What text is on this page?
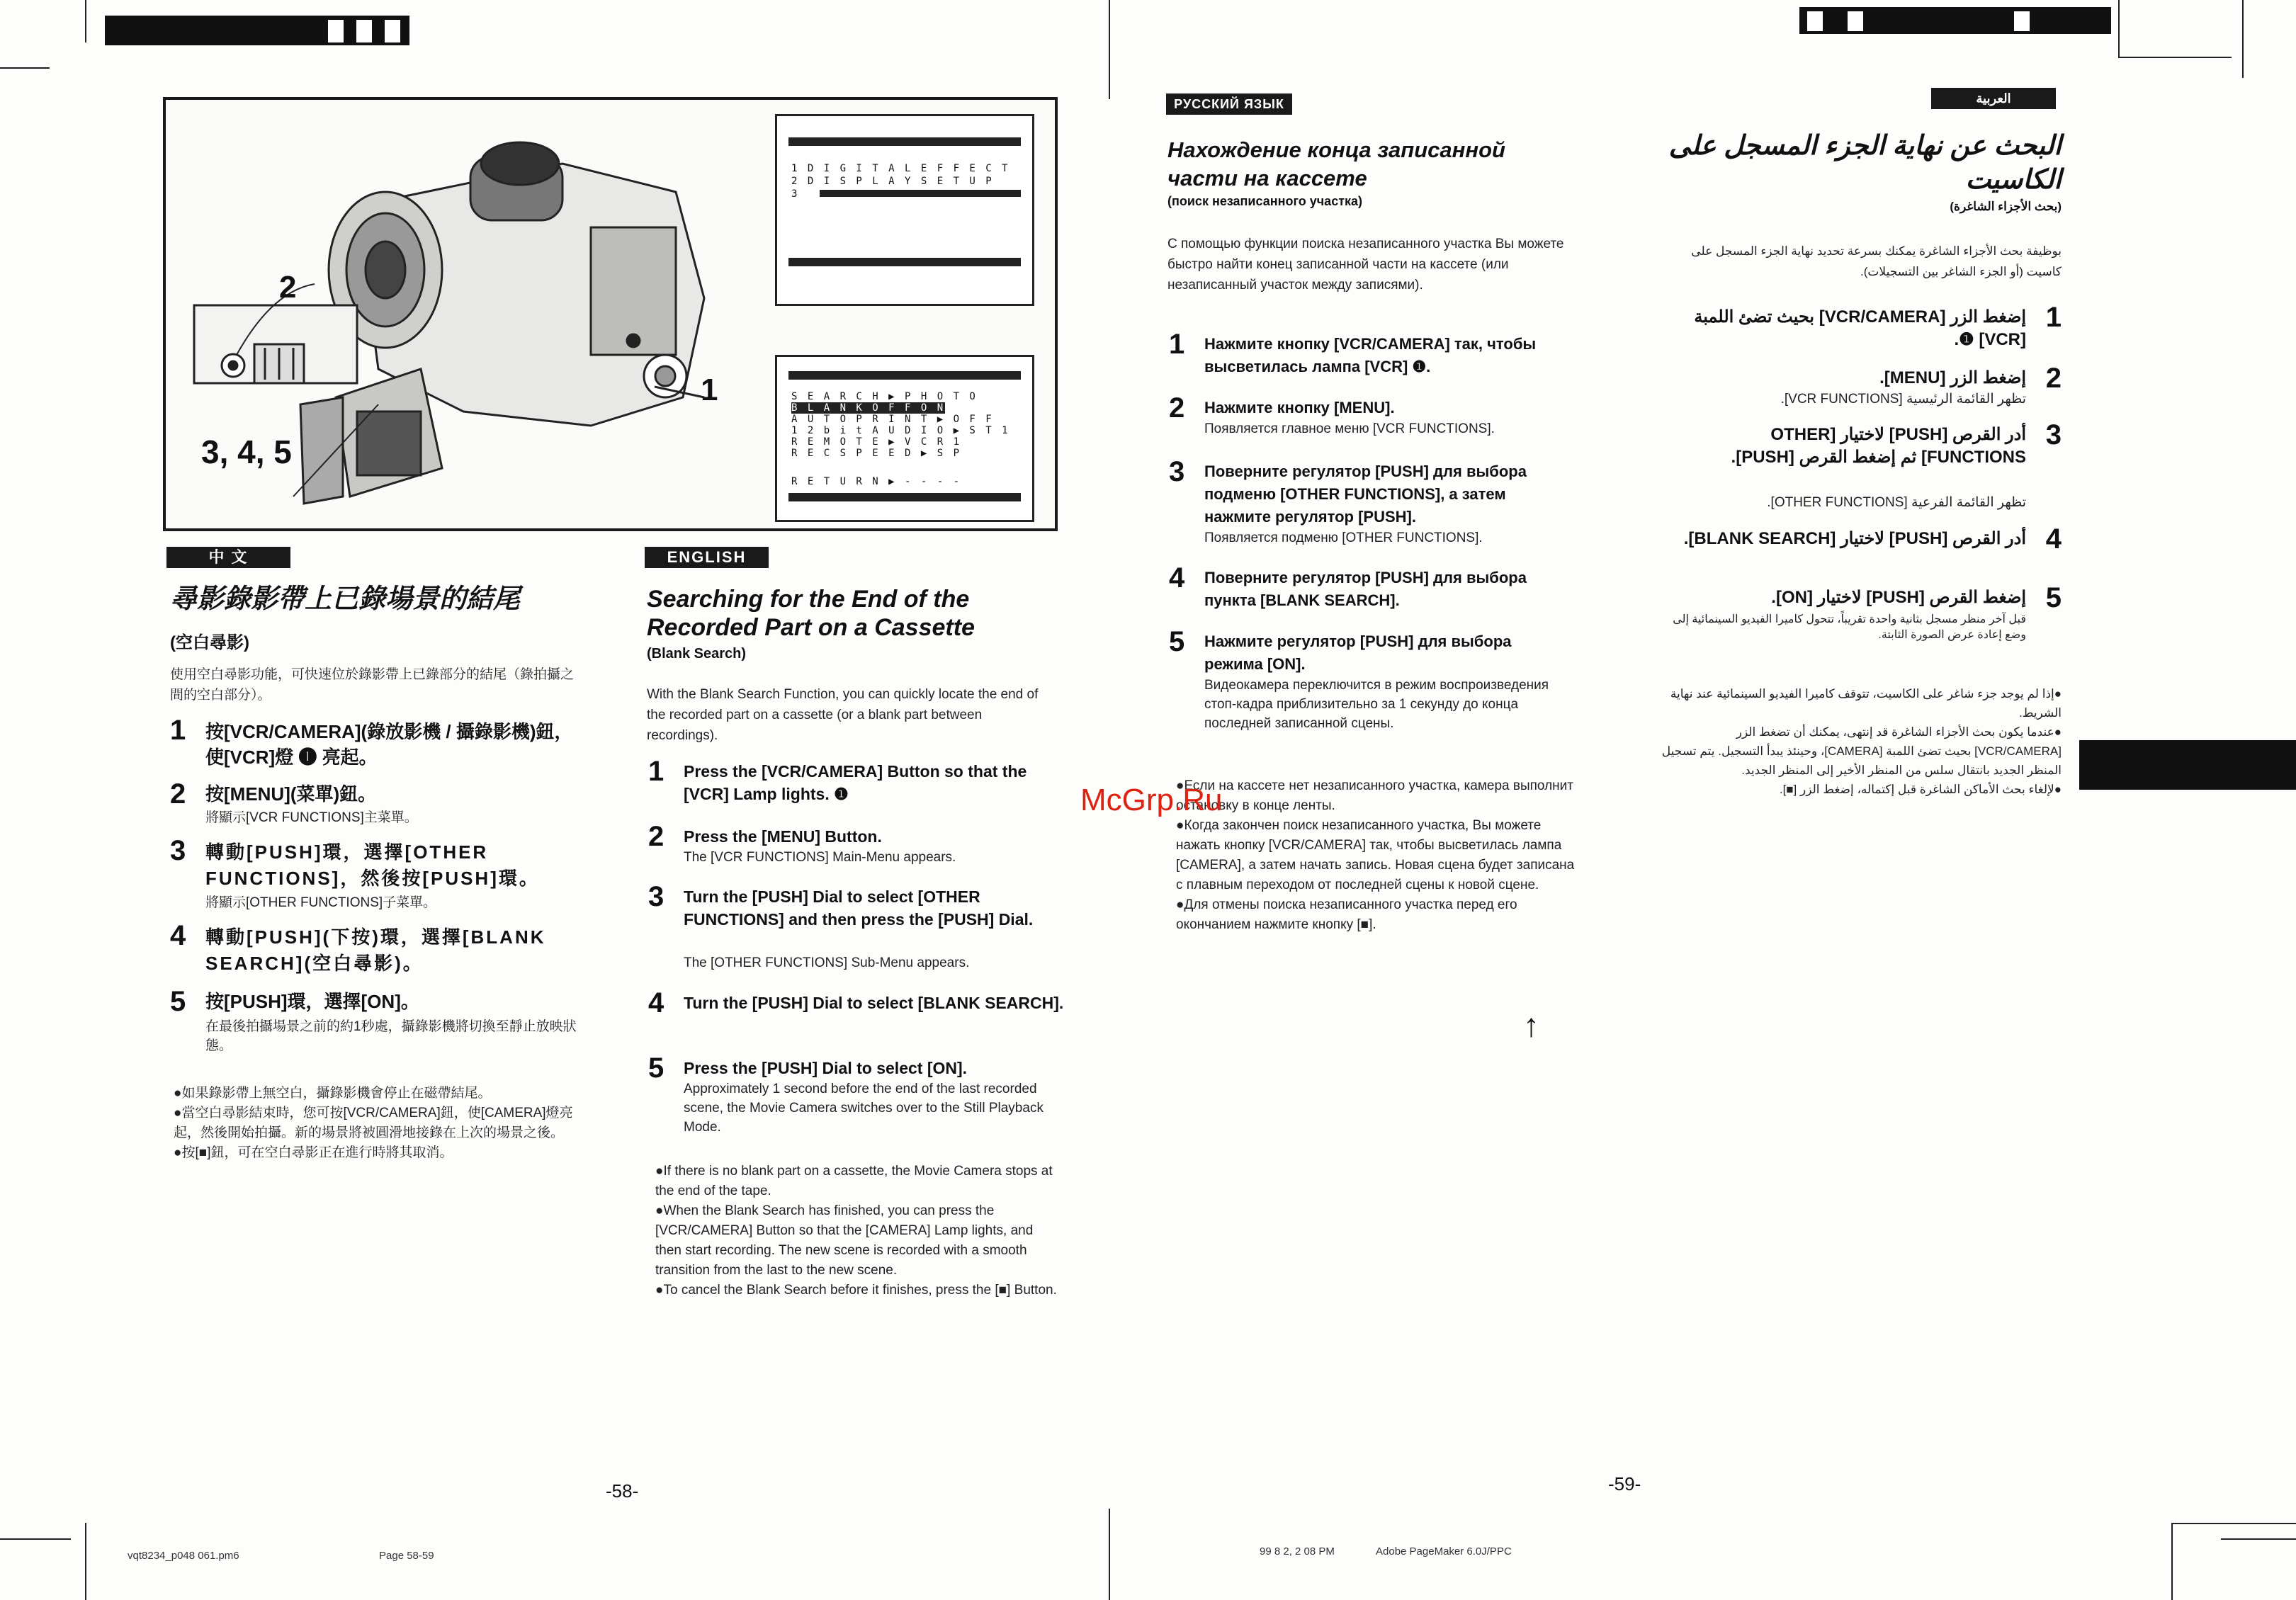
2
3, 4, 5
1
1 D I G I T A L E F F E C T
2 D I S P L A Y S E T U P
3
S E A R C H ▶ P H O T O
B L A N K O F F O N
A U T O P R I N T ▶ O F F
1 2 b i t A U D I O ▶ S T 1
R E M O T E ▶ V C R 1
R E C S P E E D ▶ S P
R E T U R N ▶ - - - -
中 文
尋影錄影帶上已錄場景的結尾
(空白尋影)
使用空白尋影功能，可快速位於錄影帶上已錄部分的結尾（錄拍攝之間的空白部分）。
1 按[VCR/CAMERA](錄放影機 / 攝錄影機)鈕，使[VCR]燈 ❶ 亮起。
2 按[MENU](菜單)鈕。
將顯示[VCR FUNCTIONS]主菜單。
3 轉動[PUSH]環，選擇[OTHER FUNCTIONS]，然後按[PUSH]環。
將顯示[OTHER FUNCTIONS]子菜單。
4 轉動[PUSH](下按)環，選擇[BLANK SEARCH](空白尋影)。
5 按[PUSH]環，選擇[ON]。
在最後拍攝場景之前的約1秒處，攝錄影機將切換至靜止放映狀態。
●如果錄影帶上無空白，攝錄影機會停止在磁帶結尾。
●當空白尋影結束時，您可按[VCR/CAMERA]鈕，使[CAMERA]燈亮起，然後開始拍攝。新的場景將被圓滑地接錄在上次的場景之後。
●按[■]鈕，可在空白尋影正在進行時將其取消。
ENGLISH
Searching for the End of the Recorded Part on a Cassette
(Blank Search)
With the Blank Search Function, you can quickly locate the end of the recorded part on a cassette (or a blank part between recordings).
1 Press the [VCR/CAMERA] Button so that the [VCR] Lamp lights. ❶
2 Press the [MENU] Button.
The [VCR FUNCTIONS] Main-Menu appears.
3 Turn the [PUSH] Dial to select [OTHER FUNCTIONS] and then press the [PUSH] Dial.
The [OTHER FUNCTIONS] Sub-Menu appears.
4 Turn the [PUSH] Dial to select [BLANK SEARCH].
5 Press the [PUSH] Dial to select [ON].
Approximately 1 second before the end of the last recorded scene, the Movie Camera switches over to the Still Playback Mode.
●If there is no blank part on a cassette, the Movie Camera stops at the end of the tape.
●When the Blank Search has finished, you can press the [VCR/CAMERA] Button so that the [CAMERA] Lamp lights, and then start recording. The new scene is recorded with a smooth transition from the last to the new scene.
●To cancel the Blank Search before it finishes, press the [■] Button.
РУССКИЙ ЯЗЫК
Нахождение конца записанной части на кассете
(поиск незаписанного участка)
С помощью функции поиска незаписанного участка Вы можете быстро найти конец записанной части на кассете (или незаписанный участок между записями).
1 Нажмите кнопку [VCR/CAMERA] так, чтобы высветилась лампа [VCR] ❶.
2 Нажмите кнопку [MENU].
Появляется главное меню [VCR FUNCTIONS].
3 Поверните регулятор [PUSH] для выбора подменю [OTHER FUNCTIONS], а затем нажмите регулятор [PUSH].
Появляется подменю [OTHER FUNCTIONS].
4 Поверните регулятор [PUSH] для выбора пункта [BLANK SEARCH].
5 Нажмите регулятор [PUSH] для выбора режима [ON].
Видеокамера переключится в режим воспроизведения стоп-кадра приблизительно за 1 секунду до конца последней записанной сцены.
●Если на кассете нет незаписанного участка, камера выполнит остановку в конце ленты.
●Когда закончен поиск незаписанного участка, Вы можете нажать кнопку [VCR/CAMERA] так, чтобы высветилась лампа [CAMERA], а затем начать запись. Новая сцена будет записана с плавным переходом от последней сцены к новой сцене.
●Для отмены поиска незаписанного участка перед его окончанием нажмите кнопку [■].
العربية
البحث عن نهاية الجزء المسجل على الكاسيت
(بحث الأجزاء الشاغرة)
بوظيفة بحث الأجزاء الشاغرة يمكنك بسرعة تحديد نهاية الجزء المسجل على كاسيت (أو الجزء الشاغر بين التسجيلات).
1
إضغط الزر [VCR/CAMERA] بحيث تضئ اللمبة [VCR] ❶.
2
إضغط الزر [MENU].
تظهر القائمة الرئيسية [VCR FUNCTIONS].
3
أدر القرص [PUSH] لاختيار [OTHER FUNCTIONS] ثم إضغط القرص [PUSH].
تظهر القائمة الفرعية [OTHER FUNCTIONS].
4
أدر القرص [PUSH] لاختيار [BLANK SEARCH].
5
إضغط القرص [PUSH] لاختيار [ON].
قبل آخر منظر مسجل بثانية واحدة تقريباً، تتحول كاميرا الفيديو السينمائية إلى وضع إعادة عرض الصورة الثابتة.
●إذا لم يوجد جزء شاغر على الكاسيت، تتوقف كاميرا الفيديو السينمائية عند نهاية الشريط.
●عندما يكون بحث الأجزاء الشاغرة قد إنتهى، يمكنك أن تضغط الزر [VCR/CAMERA] بحيث تضئ اللمبة [CAMERA]، وحينئذ يبدأ التسجيل. يتم تسجيل المنظر الجديد بانتقال سلس من المنظر الأخير إلى المنظر الجديد.
●لإلغاء بحث الأماكن الشاغرة قبل إكتماله، إضغط الزر [■].
McGrp.Ru
-58-	-59-
vqt8234_p048 061.pm6	Page 58-59	99 8 2, 2 08 PM	Adobe PageMaker 6.0J/PPC
↑
